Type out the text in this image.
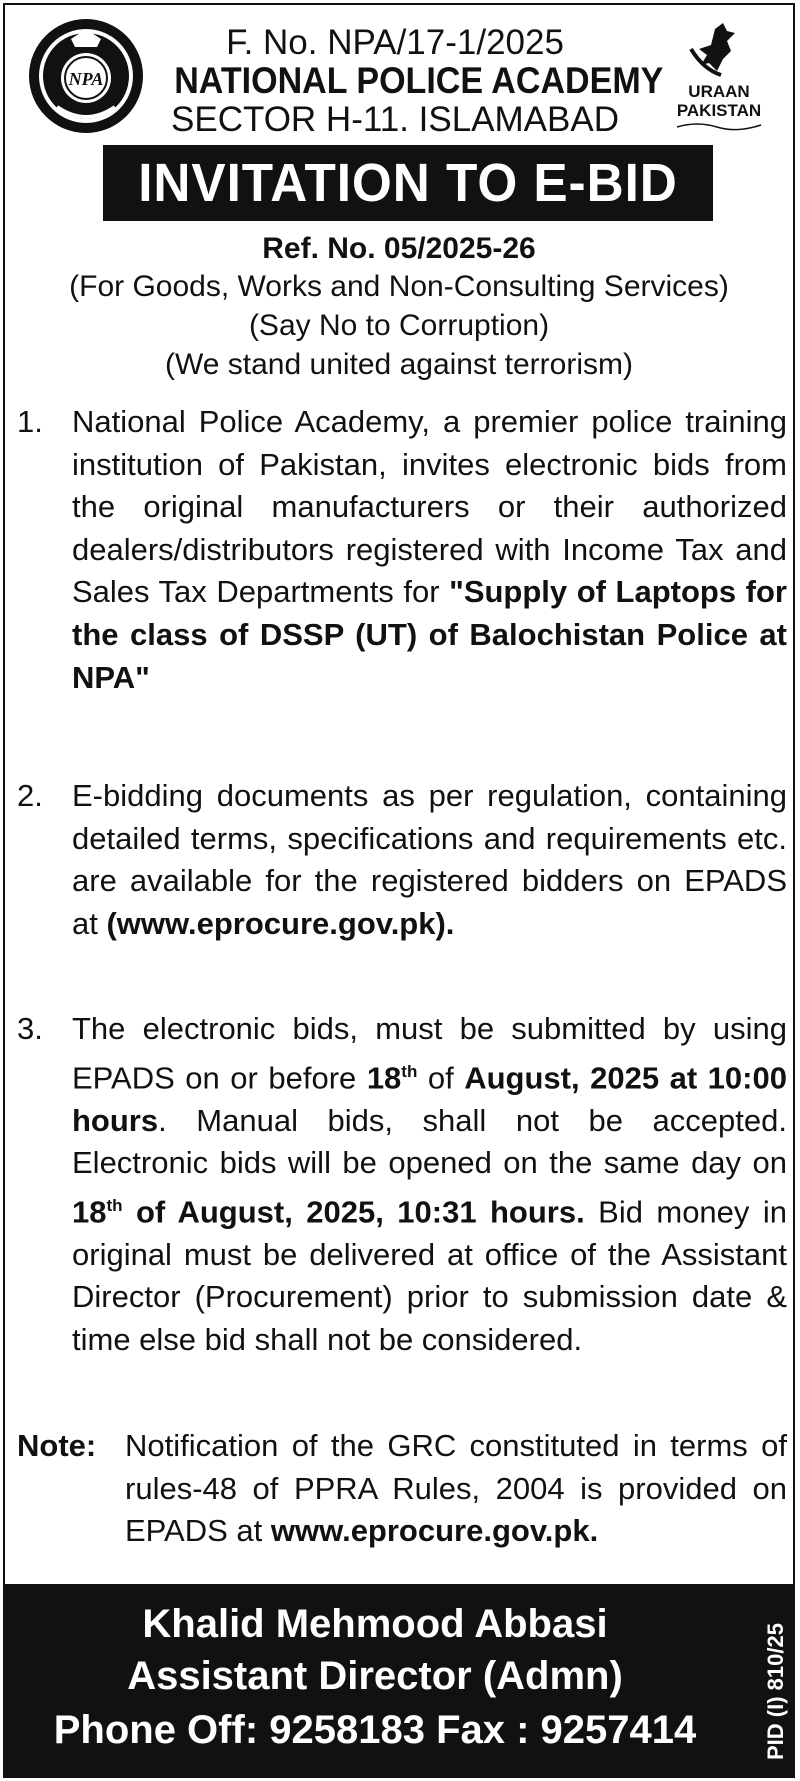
NPA
F. No. NPA/17-1/2025
NATIONAL POLICE ACADEMY
SECTOR H-11. ISLAMABAD
URAAN
PAKISTAN
INVITATION TO E-BID
Ref. No. 05/2025-26
(For Goods, Works and Non-Consulting Services)
(Say No to Corruption)
(We stand united against terrorism)
1. National Police Academy, a premier police training institution of Pakistan, invites electronic bids from the original manufacturers or their authorized dealers/distributors registered with Income Tax and Sales Tax Departments for "Supply of Laptops for the class of DSSP (UT) of Balochistan Police at NPA"
2. E-bidding documents as per regulation, containing detailed terms, specifications and requirements etc. are available for the registered bidders on EPADS at (www.eprocure.gov.pk).
3. The electronic bids, must be submitted by using EPADS on or before 18th of August, 2025 at 10:00 hours. Manual bids, shall not be accepted. Electronic bids will be opened on the same day on 18th of August, 2025, 10:31 hours. Bid money in original must be delivered at office of the Assistant Director (Procurement) prior to submission date & time else bid shall not be considered.
Note: Notification of the GRC constituted in terms of rules-48 of PPRA Rules, 2004 is provided on EPADS at www.eprocure.gov.pk.
Khalid Mehmood Abbasi
Assistant Director (Admn)
Phone Off: 9258183 Fax : 9257414	PID (I) 810/25
